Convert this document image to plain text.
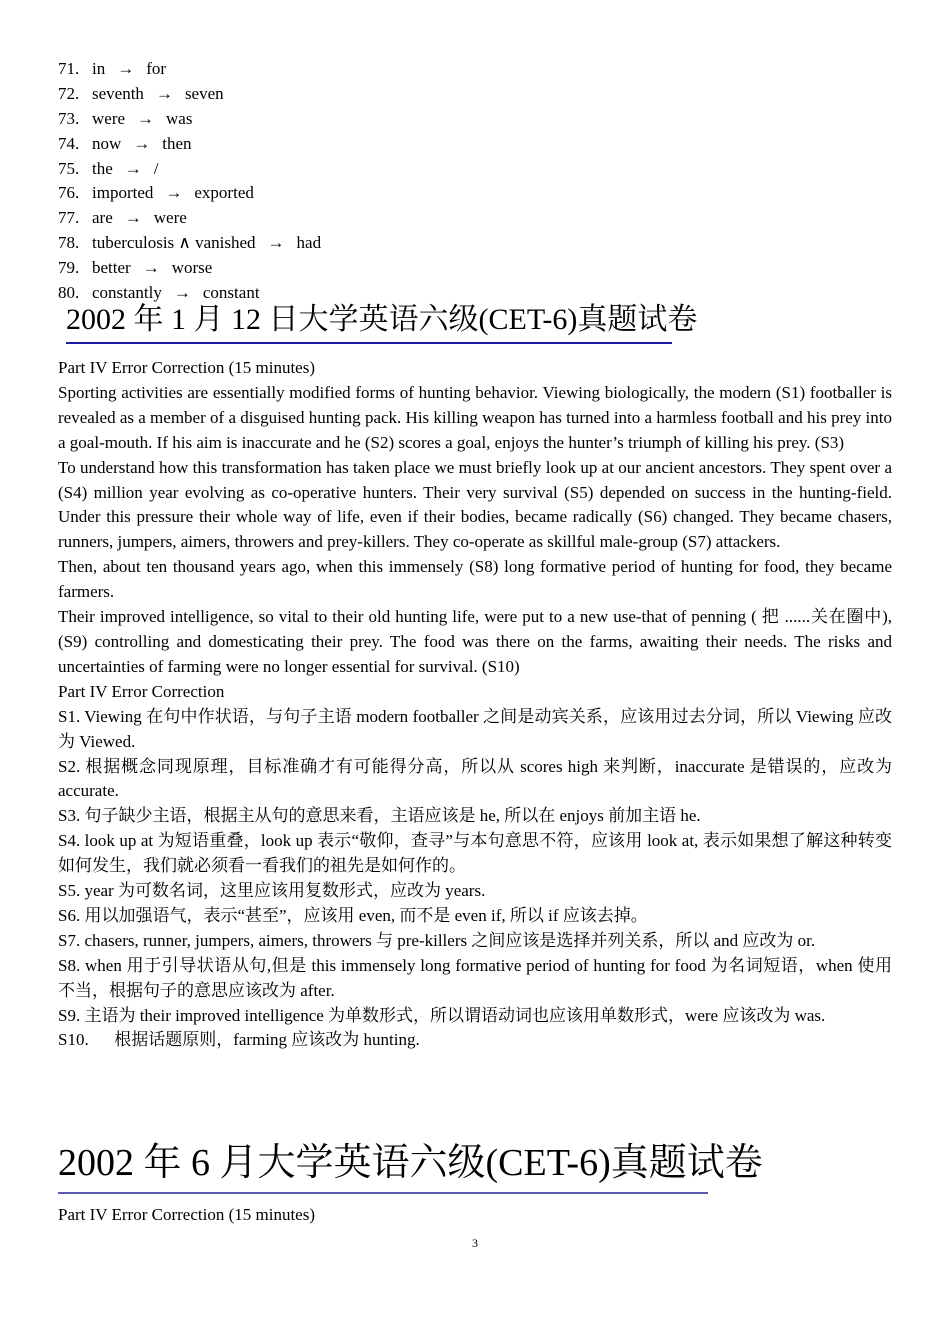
71. in → for
72. seventh → seven
73. were → was
74. now → then
75. the → /
76. imported → exported
77. are → were
78. tuberculosis ∧ vanished → had
79. better → worse
80. constantly → constant
2002 年 1 月 12 日大学英语六级(CET-6)真题试卷

Part IV Error Correction (15 minutes)

Sporting activities are essentially modified forms of hunting behavior. Viewing biologically, the modern (S1) footballer is revealed as a member of a disguised hunting pack. His killing weapon has turned into a harmless football and his prey into a goal-mouth. If his aim is inaccurate and he (S2) scores a goal, enjoys the hunter’s triumph of killing his prey. (S3)

To understand how this transformation has taken place we must briefly look up at our ancient ancestors. They spent over a (S4) million year evolving as co-operative hunters. Their very survival (S5) depended on success in the hunting-field. Under this pressure their whole way of life, even if their bodies, became radically (S6) changed. They became chasers, runners, jumpers, aimers, throwers and prey-killers. They co-operate as skillful male-group (S7) attackers.

Then, about ten thousand years ago, when this immensely (S8) long formative period of hunting for food, they became farmers.

Their improved intelligence, so vital to their old hunting life, were put to a new use-that of penning ( 把 ......关在圈中), (S9) controlling and domesticating their prey. The food was there on the farms, awaiting their needs. The risks and uncertainties of farming were no longer essential for survival. (S10)

Part IV Error Correction

S1. Viewing 在句中作状语，与句子主语 modern footballer 之间是动宾关系，应该用过去分词，所以 Viewing 应改为 Viewed.

S2. 根据概念同现原理，目标准确才有可能得分高，所以从 scores high 来判断，inaccurate 是错误的，应改为 accurate.

S3. 句子缺少主语，根据主从句的意思来看，主语应该是 he, 所以在 enjoys 前加主语 he.

S4. look up at 为短语重叠，look up 表示“敬仰，查寻”与本句意思不符，应该用 look at, 表示如果想了解这种转变如何发生，我们就必须看一看我们的祖先是如何作的。

S5. year 为可数名词，这里应该用复数形式，应改为 years.

S6. 用以加强语气，表示“甚至”，应该用 even, 而不是 even if, 所以 if 应该去掉。

S7. chasers, runner, jumpers, aimers, throwers 与 pre-killers 之间应该是选择并列关系，所以 and 应改为 or.

S8. when 用于引导状语从句,但是 this immensely long formative period of hunting for food 为名词短语，when 使用不当，根据句子的意思应该改为 after.

S9. 主语为 their improved intelligence 为单数形式，所以谓语动词也应该用单数形式，were 应该改为 was.

S10.      根据话题原则，farming 应该改为 hunting.

2002 年 6 月大学英语六级(CET-6)真题试卷
Part IV Error Correction (15 minutes)
3
